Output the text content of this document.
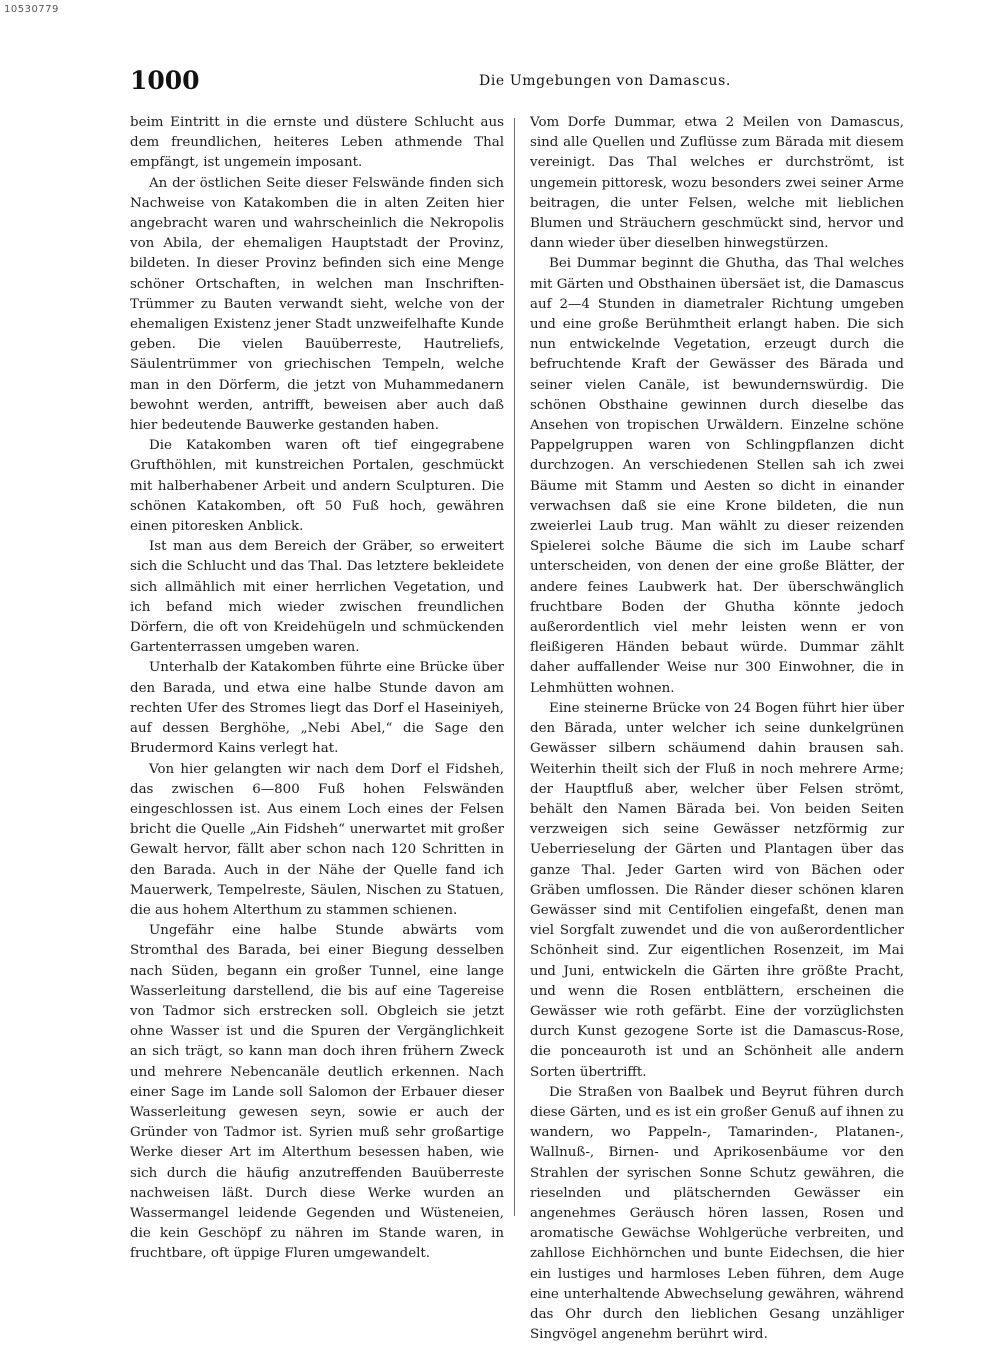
10530779
1000	Die Umgebungen von Damascus.

beim Eintritt in die ernste und düstere Schlucht aus dem freundlichen, heiteres Leben athmende Thal empfängt, ist ungemein imposant.

An der östlichen Seite dieser Felswände finden sich Nachweise von Katakomben die in alten Zeiten hier angebracht waren und wahrscheinlich die Nekropolis von Abila, der ehemaligen Hauptstadt der Provinz, bildeten. In dieser Provinz befinden sich eine Menge schöner Ortschaften, in welchen man Inschriften-Trümmer zu Bauten verwandt sieht, welche von der ehemaligen Existenz jener Stadt unzweifelhafte Kunde geben. Die vielen Bauüberreste, Hautreliefs, Säulentrümmer von griechischen Tempeln, welche man in den Dörferm, die jetzt von Muhammedanern bewohnt werden, antrifft, beweisen aber auch daß hier bedeutende Bauwerke gestanden haben.

Die Katakomben waren oft tief eingegrabene Grufthöhlen, mit kunstreichen Portalen, geschmückt mit halberhabener Arbeit und andern Sculpturen. Die schönen Katakomben, oft 50 Fuß hoch, gewähren einen pitoresken Anblick.

Ist man aus dem Bereich der Gräber, so erweitert sich die Schlucht und das Thal. Das letztere bekleidete sich allmählich mit einer herrlichen Vegetation, und ich befand mich wieder zwischen freundlichen Dörfern, die oft von Kreidehügeln und schmückenden Gartenterrassen umgeben waren.

Unterhalb der Katakomben führte eine Brücke über den Barada, und etwa eine halbe Stunde davon am rechten Ufer des Stromes liegt das Dorf el Haseiniyeh, auf dessen Berghöhe, „Nebi Abel,“ die Sage den Brudermord Kains verlegt hat.

Von hier gelangten wir nach dem Dorf el Fidsheh, das zwischen 6—800 Fuß hohen Felswänden eingeschlossen ist. Aus einem Loch eines der Felsen bricht die Quelle „Ain Fidsheh“ unerwartet mit großer Gewalt hervor, fällt aber schon nach 120 Schritten in den Barada. Auch in der Nähe der Quelle fand ich Mauerwerk, Tempelreste, Säulen, Nischen zu Statuen, die aus hohem Alterthum zu stammen schienen.

Ungefähr eine halbe Stunde abwärts vom Stromthal des Barada, bei einer Biegung desselben nach Süden, begann ein großer Tunnel, eine lange Wasserleitung darstellend, die bis auf eine Tagereise von Tadmor sich erstrecken soll. Obgleich sie jetzt ohne Wasser ist und die Spuren der Vergänglichkeit an sich trägt, so kann man doch ihren frühern Zweck und mehrere Nebencanäle deutlich erkennen. Nach einer Sage im Lande soll Salomon der Erbauer dieser Wasserleitung gewesen seyn, sowie er auch der Gründer von Tadmor ist. Syrien muß sehr großartige Werke dieser Art im Alterthum besessen haben, wie sich durch die häufig anzutreffenden Bauüberreste nachweisen läßt. Durch diese Werke wurden an Wassermangel leidende Gegenden und Wüsteneien, die kein Geschöpf zu nähren im Stande waren, in fruchtbare, oft üppige Fluren umgewandelt.

Vom Dorfe Dummar, etwa 2 Meilen von Damascus, sind alle Quellen und Zuflüsse zum Bärada mit diesem vereinigt. Das Thal welches er durchströmt, ist ungemein pittoresk, wozu besonders zwei seiner Arme beitragen, die unter Felsen, welche mit lieblichen Blumen und Sträuchern geschmückt sind, hervor und dann wieder über dieselben hinwegstürzen.

Bei Dummar beginnt die Ghutha, das Thal welches mit Gärten und Obsthainen übersäet ist, die Damascus auf 2—4 Stunden in diametraler Richtung umgeben und eine große Berühmtheit erlangt haben. Die sich nun entwickelnde Vegetation, erzeugt durch die befruchtende Kraft der Gewässer des Bärada und seiner vielen Canäle, ist bewundernswürdig. Die schönen Obsthaine gewinnen durch dieselbe das Ansehen von tropischen Urwäldern. Einzelne schöne Pappelgruppen waren von Schlingpflanzen dicht durchzogen. An verschiedenen Stellen sah ich zwei Bäume mit Stamm und Aesten so dicht in einander verwachsen daß sie eine Krone bildeten, die nun zweierlei Laub trug. Man wählt zu dieser reizenden Spielerei solche Bäume die sich im Laube scharf unterscheiden, von denen der eine große Blätter, der andere feines Laubwerk hat. Der überschwänglich fruchtbare Boden der Ghutha könnte jedoch außerordentlich viel mehr leisten wenn er von fleißigeren Händen bebaut würde. Dummar zählt daher auffallender Weise nur 300 Einwohner, die in Lehmhütten wohnen.

Eine steinerne Brücke von 24 Bogen führt hier über den Bärada, unter welcher ich seine dunkelgrünen Gewässer silbern schäumend dahin brausen sah. Weiterhin theilt sich der Fluß in noch mehrere Arme; der Hauptfluß aber, welcher über Felsen strömt, behält den Namen Bärada bei. Von beiden Seiten verzweigen sich seine Gewässer netzförmig zur Ueberrieselung der Gärten und Plantagen über das ganze Thal. Jeder Garten wird von Bächen oder Gräben umflossen. Die Ränder dieser schönen klaren Gewässer sind mit Centifolien eingefaßt, denen man viel Sorgfalt zuwendet und die von außerordentlicher Schönheit sind. Zur eigentlichen Rosenzeit, im Mai und Juni, entwickeln die Gärten ihre größte Pracht, und wenn die Rosen entblättern, erscheinen die Gewässer wie roth gefärbt. Eine der vorzüglichsten durch Kunst gezogene Sorte ist die Damascus-Rose, die ponceauroth ist und an Schönheit alle andern Sorten übertrifft.

Die Straßen von Baalbek und Beyrut führen durch diese Gärten, und es ist ein großer Genuß auf ihnen zu wandern, wo Pappeln-, Tamarinden-, Platanen-, Wallnuß-, Birnen- und Aprikosenbäume vor den Strahlen der syrischen Sonne Schutz gewähren, die rieselnden und plätschernden Gewässer ein angenehmes Geräusch hören lassen, Rosen und aromatische Gewächse Wohlgerüche verbreiten, und zahllose Eichhörnchen und bunte Eidechsen, die hier ein lustiges und harmloses Leben führen, dem Auge eine unterhaltende Abwechselung gewähren, während das Ohr durch den lieblichen Gesang unzähliger Singvögel angenehm berührt wird.
